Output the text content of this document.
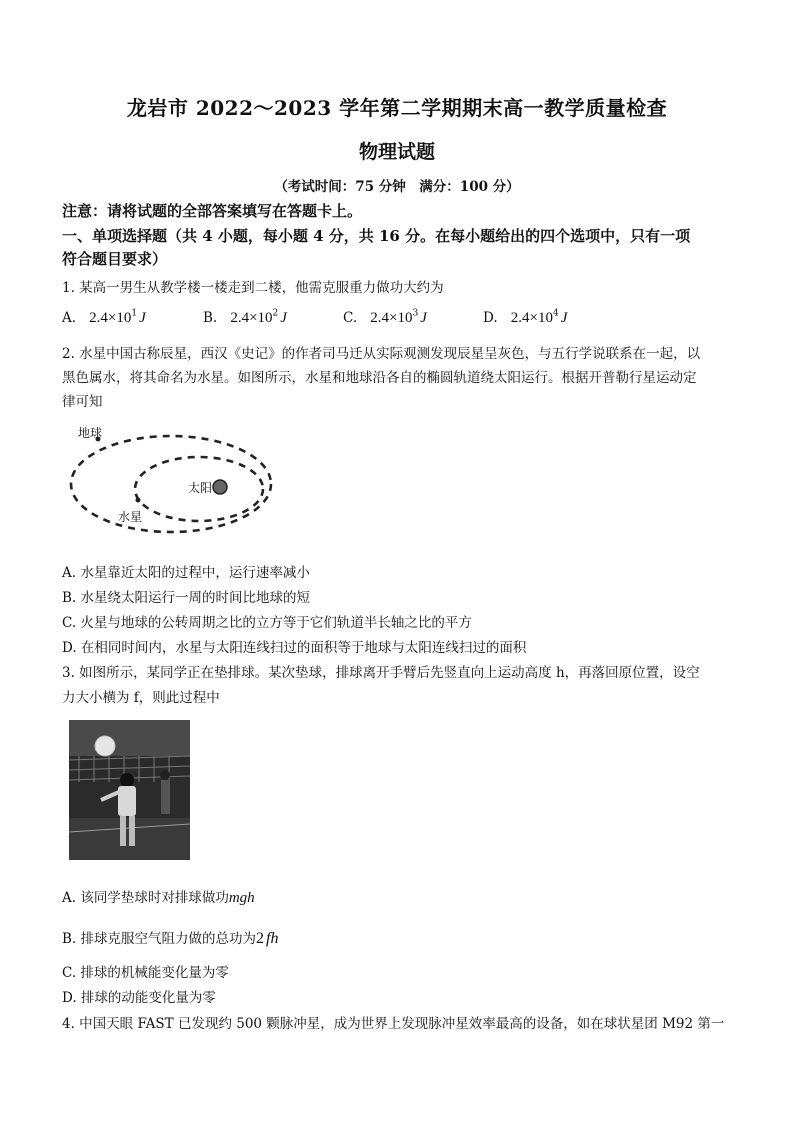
龙岩市 2022～2023 学年第二学期期末高一教学质量检查
物理试题
（考试时间：75 分钟　满分：100 分）
注意：请将试题的全部答案填写在答题卡上。
一、单项选择题（共 4 小题，每小题 4 分，共 16 分。在每小题给出的四个选项中，只有一项
符合题目要求）
1. 某高一男生从教学楼一楼走到二楼，他需克服重力做功大约为
A. $2.4\times 10^1$ J	B. $2.4\times 10^2$ J	C. $2.4\times 10^3$ J	D. $2.4\times 10^4$ J
2. 水星中国古称辰星，西汉《史记》的作者司马迁从实际观测发现辰星呈灰色，与五行学说联系在一起，以
黑色属水，将其命名为水星。如图所示，水星和地球沿各自的椭圆轨道绕太阳运行。根据开普勒行星运动定
律可知
地球
太阳
水星
A. 水星靠近太阳的过程中，运行速率减小
B. 水星绕太阳运行一周的时间比地球的短
C. 火星与地球的公转周期之比的立方等于它们轨道半长轴之比的平方
D. 在相同时间内，水星与太阳连线扫过的面积等于地球与太阳连线扫过的面积
3. 如图所示，某同学正在垫排球。某次垫球，排球离开手臂后先竖直向上运动高度 h，再落回原位置，设空
力大小横为 f，则此过程中
A. 该同学垫球时对排球做功mgh
B. 排球克服空气阻力做的总功为2 fh
C. 排球的机械能变化量为零
D. 排球的动能变化量为零
4. 中国天眼 FAST 已发现约 500 颗脉冲星，成为世界上发现脉冲星效率最高的设备，如在球状星团 M92 第一
